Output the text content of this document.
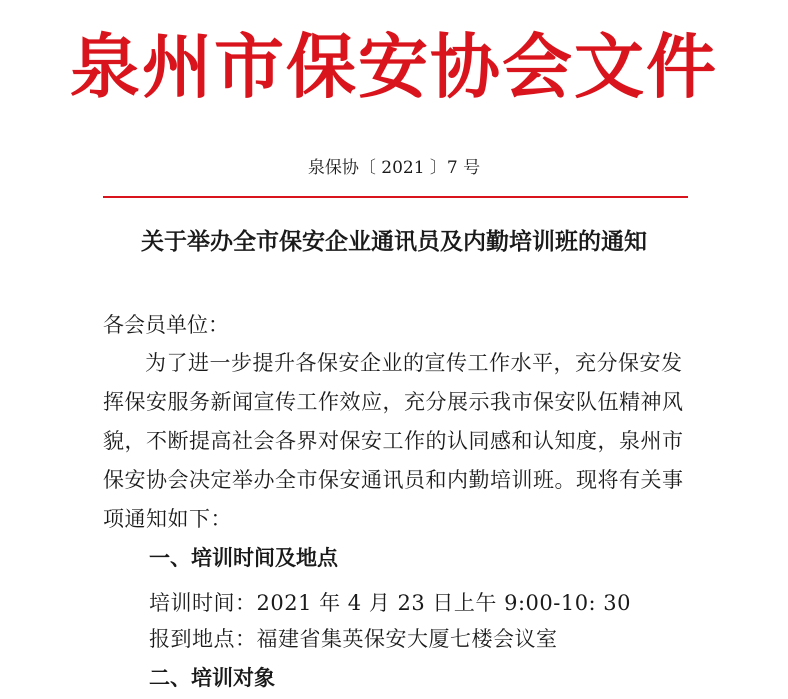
泉州市保安协会文件
泉保协〔 2021 〕7 号
关于举办全市保安企业通讯员及内勤培训班的通知
各会员单位：

为了进一步提升各保安企业的宣传工作水平，充分保安发挥保安服务新闻宣传工作效应，充分展示我市保安队伍精神风貌，不断提高社会各界对保安工作的认同感和认知度，泉州市保安协会决定举办全市保安通讯员和内勤培训班。现将有关事项通知如下：

一、培训时间及地点
培训时间：2021 年 4 月 23 日上午 9:00-10: 30
报到地点：福建省集英保安大厦七楼会议室
二、培训对象
